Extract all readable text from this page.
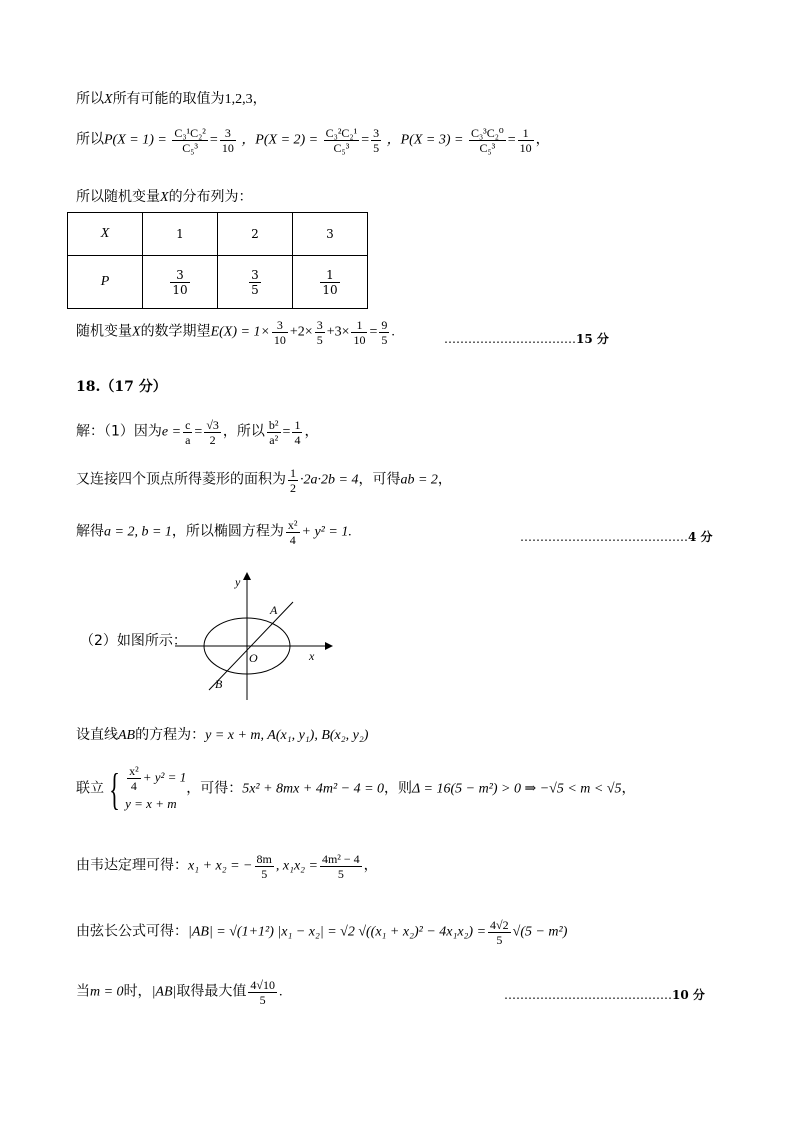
所以X所有可能的取值为1,2,3，
所以$P(X = 1) = \frac{\text{C₃¹C₂²}}{\text{C₅³}} = \frac{3}{10}$ ，$P(X = 2) = \frac{\text{C₃²C₂¹}}{\text{C₅³}} = \frac{3}{5}$ ，$P(X = 3) = \frac{\text{C₃³C₂⁰}}{\text{C₅³}} = \frac{1}{10}$ ，
所以随机变量X的分布列为：
X	1	2	3
P	$\frac{3}{10}$	$\frac{3}{5}$	$\frac{1}{10}$
随机变量X的数学期望$E(X) = 1\times \frac{3}{10} +2\times \frac{3}{5} +3\times \frac{1}{10} = \frac{9}{5}$ .	……………………………15 分
18.（17 分）
解：（1）因为$e = \frac{c}{a} = \frac{√3}{2}$ ，所以 $\frac{\text{b²}}{\text{a²}} = \frac{1}{4}$ ，
又连接四个顶点所得菱形的面积为 $\frac{1}{2} \cdot 2a\cdot 2b = 4$，可得ab = 2，
解得a = 2, b = 1，所以椭圆方程为 $\frac{\text{x²}}{4} + y^2 = 1$.	……………………………………4 分
（2）如图所示：
y
x
O
A
B
设直线AB的方程为：y = x + m, A(x₁, y₁), B(x₂, y₂)
联立 { $\frac{\text{x²}}{4} + y^2 = 1$
y = x + m
，可得：5x² + 8mx + 4m² − 4 = 0，则Δ = 16(5 − m²) > 0 ⇒ −√5 < m < √5，
由韦达定理可得：x₁ + x₂ = − $\frac{8m}{5}$ , $x_1x_2 = \frac{\text{4m² − 4}}{5}$ ，
由弦长公式可得：|AB| = √(1+1²) |x₁ − x₂| = √2 $√((x_1 + x_2)^2 - 4x_1x_2) = \frac{4√2}{5} √(5 - m^2)$
当m = 0时，|AB|取得最大值 $\frac{4√10}{5}$ .	……………………………………10 分
